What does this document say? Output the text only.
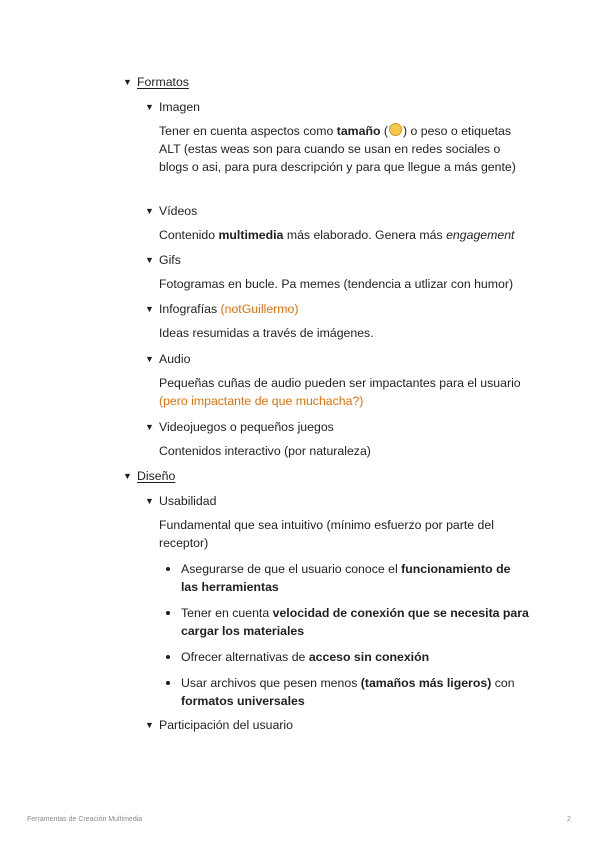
▼ Formatos
▼ Imagen
Tener en cuenta aspectos como tamaño ( ) o peso o etiquetas ALT (estas weas son para cuando se usan en redes sociales o blogs o asi, para pura descripción y para que llegue a más gente)
▼ Vídeos
Contenido multimedia más elaborado. Genera más engagement
▼ Gifs
Fotogramas en bucle. Pa memes (tendencia a utlizar con humor)
▼ Infografías (notGuillermo)
Ideas resumidas a través de imágenes.
▼ Audio
Pequeñas cuñas de audio pueden ser impactantes para el usuario (pero impactante de que muchacha?)
▼ Videojuegos o pequeños juegos
Contenidos interactivo (por naturaleza)
▼ Diseño
▼ Usabilidad
Fundamental que sea intuitivo (mínimo esfuerzo por parte del receptor)
Asegurarse de que el usuario conoce el funcionamiento de las herramientas
Tener en cuenta velocidad de conexión que se necesita para cargar los materiales
Ofrecer alternativas de acceso sin conexión
Usar archivos que pesen menos (tamaños más ligeros) con formatos universales
▼ Participación del usuario
Ferramentas de Creación Multimedia	2
